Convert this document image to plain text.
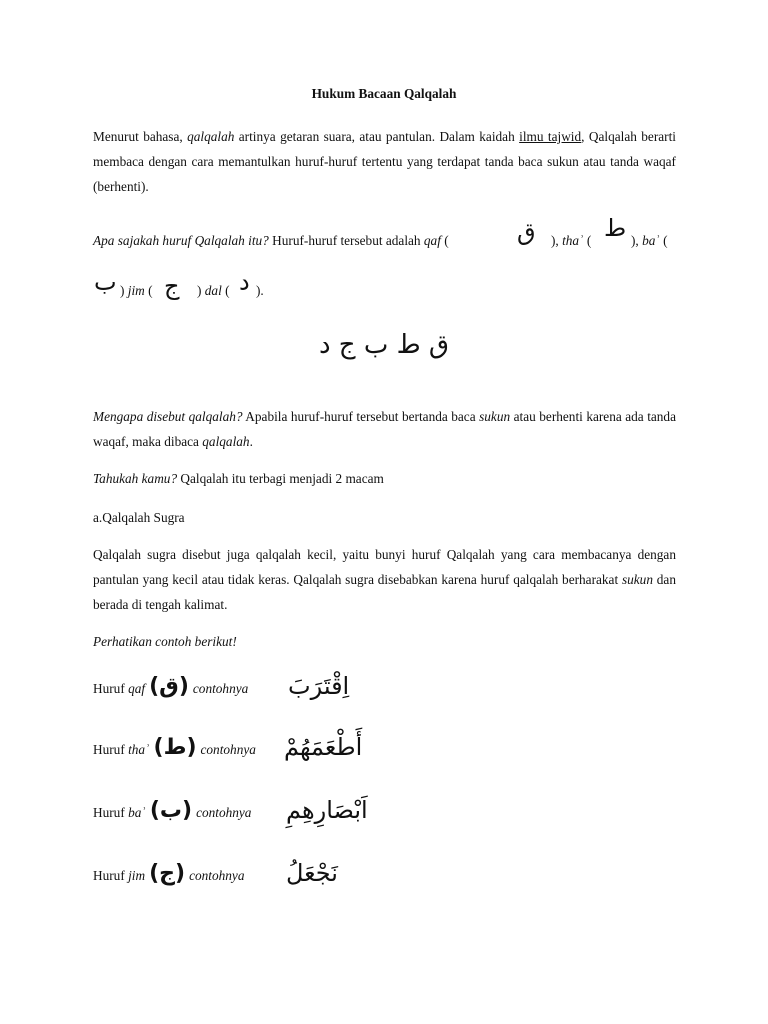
Hukum Bacaan Qalqalah
Menurut bahasa, qalqalah artinya getaran suara, atau pantulan. Dalam kaidah ilmu tajwid, Qalqalah berarti membaca dengan cara memantulkan huruf-huruf tertentu yang terdapat tanda baca sukun atau tanda waqaf (berhenti).
Apa sajakah huruf Qalqalah itu? Huruf-huruf tersebut adalah qaf (	ق ), thaʾ ( ط ), baʾ (
ب ) jim ( ج ) dal ( د ).
ق ط ب ج د
Mengapa disebut qalqalah? Apabila huruf-huruf tersebut bertanda baca sukun atau berhenti karena ada tanda waqaf, maka dibaca qalqalah.
Tahukah kamu? Qalqalah itu terbagi menjadi 2 macam
a.Qalqalah Sugra
Qalqalah sugra disebut juga qalqalah kecil, yaitu bunyi huruf Qalqalah yang cara membacanya dengan pantulan yang kecil atau tidak keras. Qalqalah sugra disebabkan karena huruf qalqalah berharakat sukun dan berada di tengah kalimat.
Perhatikan contoh berikut!
Huruf qaf (ق) contohnya اِقْتَرَبَ
Huruf thaʾ (ط) contohnya أَطْعَمَهُمْ
Huruf baʾ (ب) contohnya اَبْصَارِهِمِ
Huruf jim (ج) contohnya نَجْعَلُ
